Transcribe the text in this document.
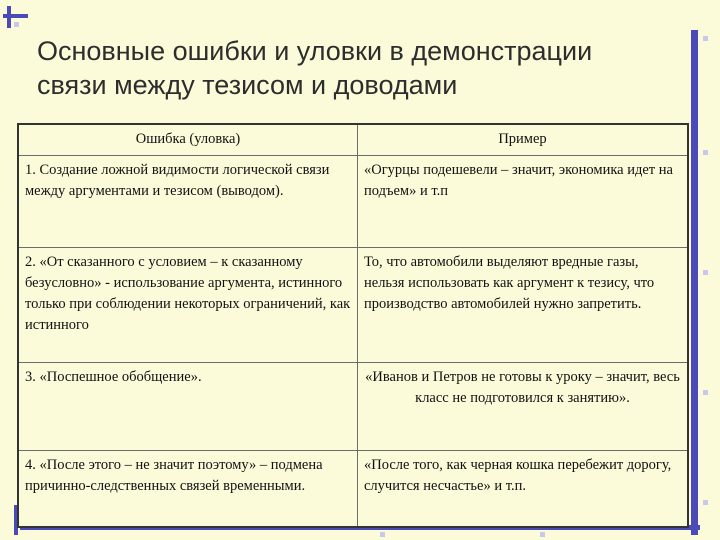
Основные ошибки и уловки в демонстрации
связи между тезисом и доводами
Ошибка (уловка)	Пример
1. Создание ложной видимости логической связи между аргументами и тезисом (выводом).	«Огурцы подешевели – значит, экономика идет на подъем» и т.п
2. «От сказанного с условием – к сказанному безусловно» - использование аргумента, истинного только при соблюдении некоторых ограничений, как истинного	То, что автомобили выделяют вредные газы, нельзя использовать как аргумент к тезису, что производство автомобилей нужно запретить.
3. «Поспешное обобщение».	«Иванов и Петров не готовы к уроку – значит, весь класс не подготовился к занятию».
4. «После этого – не значит поэтому» – подмена причинно-следственных связей временными.	«После того, как черная кошка перебежит дорогу, случится несчастье» и т.п.
